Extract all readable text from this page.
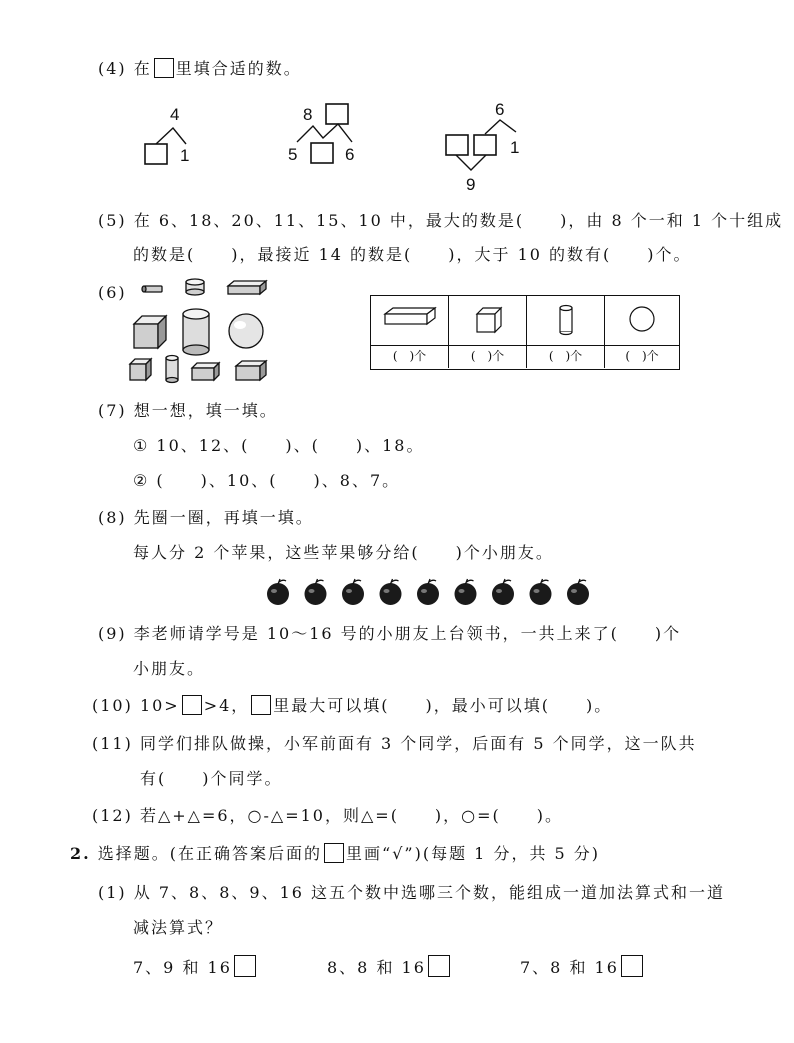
(4) 在 里填合适的数。
4
1
8
5	6
6
1
9
(5) 在 6、18、20、11、15、10 中，最大的数是(　　)，由 8 个一和 1 个十组成
的数是(　　)，最接近 14 的数是(　　)，大于 10 的数有(　　)个。
(6)
(　)个	(　)个	(　)个	(　)个
(7) 想一想，填一填。
① 10、12、(　　)、(　　)、18。
② (　　)、10、(　　)、8、7。
(8) 先圈一圈，再填一填。
每人分 2 个苹果，这些苹果够分给(　　)个小朋友。
(9) 李老师请学号是 10～16 号的小朋友上台领书，一共上来了(　　)个
小朋友。
(10) 10> >4， 里最大可以填(　　)，最小可以填(　　)。
(11) 同学们排队做操，小军前面有 3 个同学，后面有 5 个同学，这一队共
有(　　)个同学。
(12) 若△+△=6，○-△=10，则△=(　　)，○=(　　)。
2. 选择题。(在正确答案后面的 里画“√”)(每题 1 分，共 5 分)
(1) 从 7、8、8、9、16 这五个数中选哪三个数，能组成一道加法算式和一道
减法算式？
7、9 和 16	8、8 和 16	7、8 和 16
